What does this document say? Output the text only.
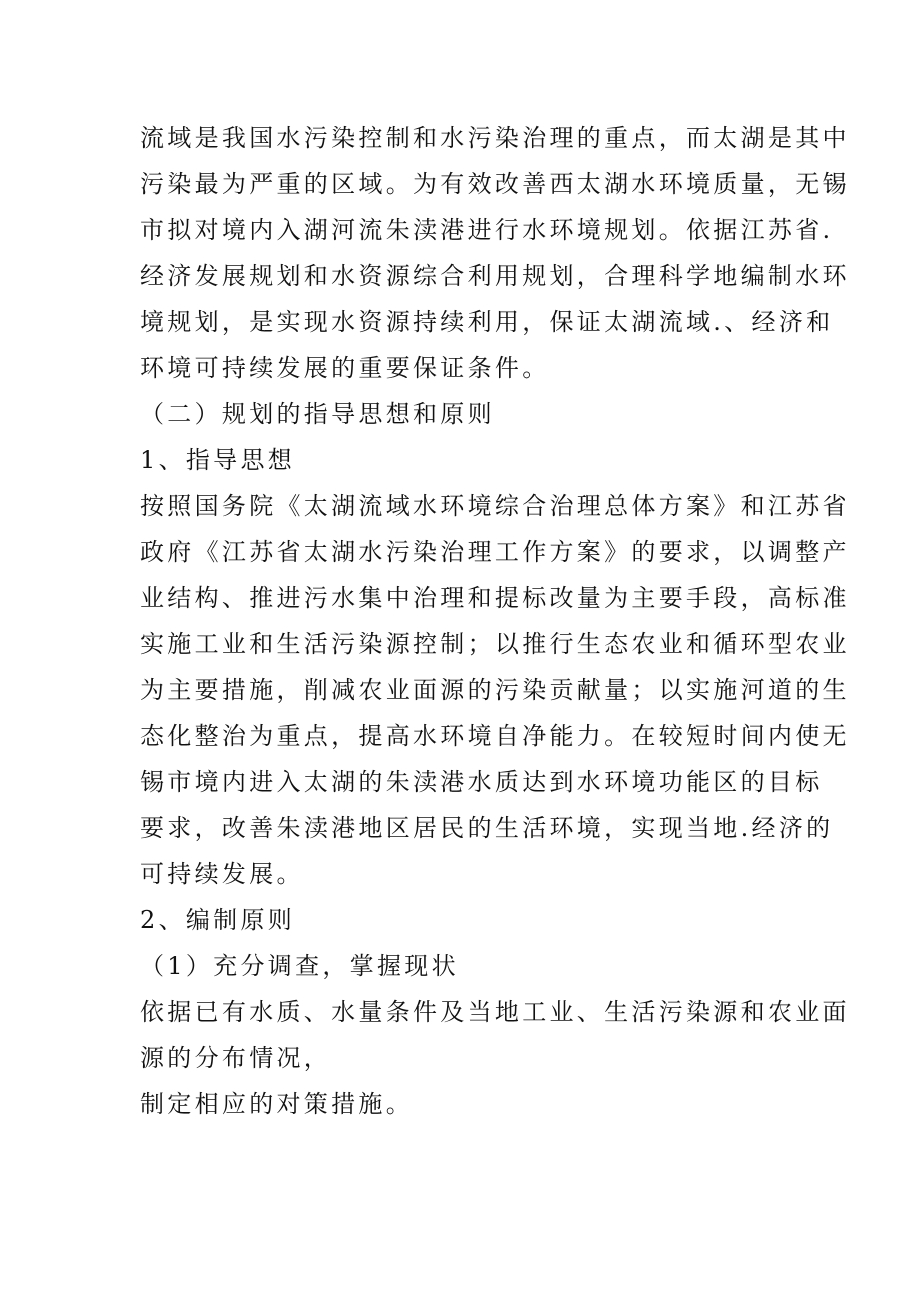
流域是我国水污染控制和水污染治理的重点，而太湖是其中
污染最为严重的区域。为有效改善西太湖水环境质量，无锡
市拟对境内入湖河流朱渎港进行水环境规划。依据江苏省.
经济发展规划和水资源综合利用规划，合理科学地编制水环
境规划，是实现水资源持续利用，保证太湖流域.、经济和
环境可持续发展的重要保证条件。
（二）规划的指导思想和原则
1、指导思想
按照国务院《太湖流域水环境综合治理总体方案》和江苏省
政府《江苏省太湖水污染治理工作方案》的要求，以调整产
业结构、推进污水集中治理和提标改量为主要手段，高标准
实施工业和生活污染源控制；以推行生态农业和循环型农业
为主要措施，削减农业面源的污染贡献量；以实施河道的生
态化整治为重点，提高水环境自净能力。在较短时间内使无
锡市境内进入太湖的朱渎港水质达到水环境功能区的目标
要求，改善朱渎港地区居民的生活环境，实现当地.经济的
可持续发展。
2、编制原则
（1）充分调查，掌握现状
依据已有水质、水量条件及当地工业、生活污染源和农业面
源的分布情况，
制定相应的对策措施。
